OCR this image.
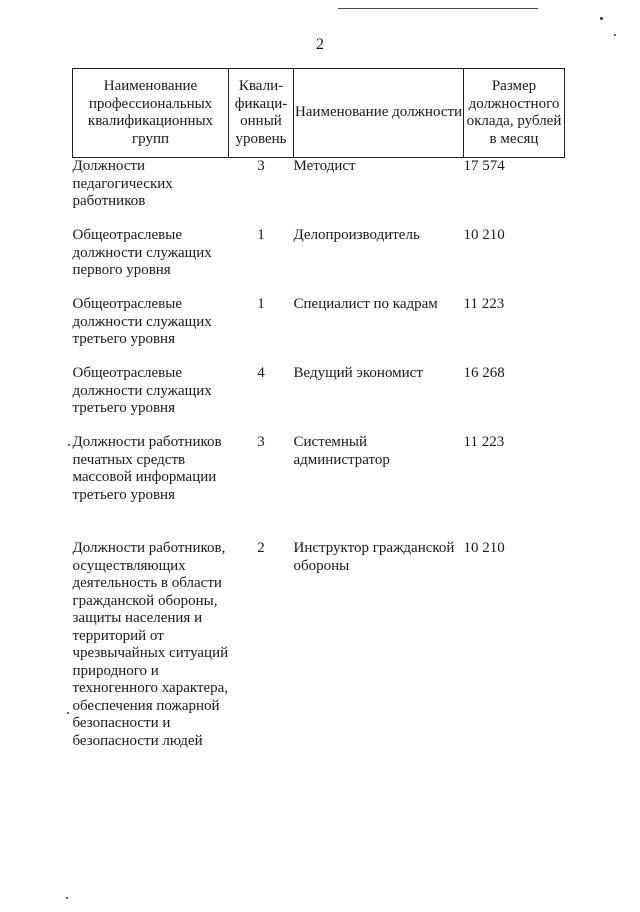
2
Наименование профессиональных квалификационных групп	Квали-фикаци-онный уровень	Наименование должности	Размер должностного оклада, рублей в месяц
Должности педагогических работников	3	Методист	17 574
Общеотраслевые должности служащих первого уровня	1	Делопроизводитель	10 210
Общеотраслевые должности служащих третьего уровня	1	Специалист по кадрам	11 223
Общеотраслевые должности служащих третьего уровня	4	Ведущий экономист	16 268
Должности работников печатных средств массовой информации третьего уровня	3	Системный администратор	11 223
Должности работников, осуществляющих деятельность в области гражданской обороны, защиты населения и территорий от чрезвычайных ситуаций природного и техногенного характера, обеспечения пожарной безопасности и безопасности людей	2	Инструктор гражданской обороны	10 210
